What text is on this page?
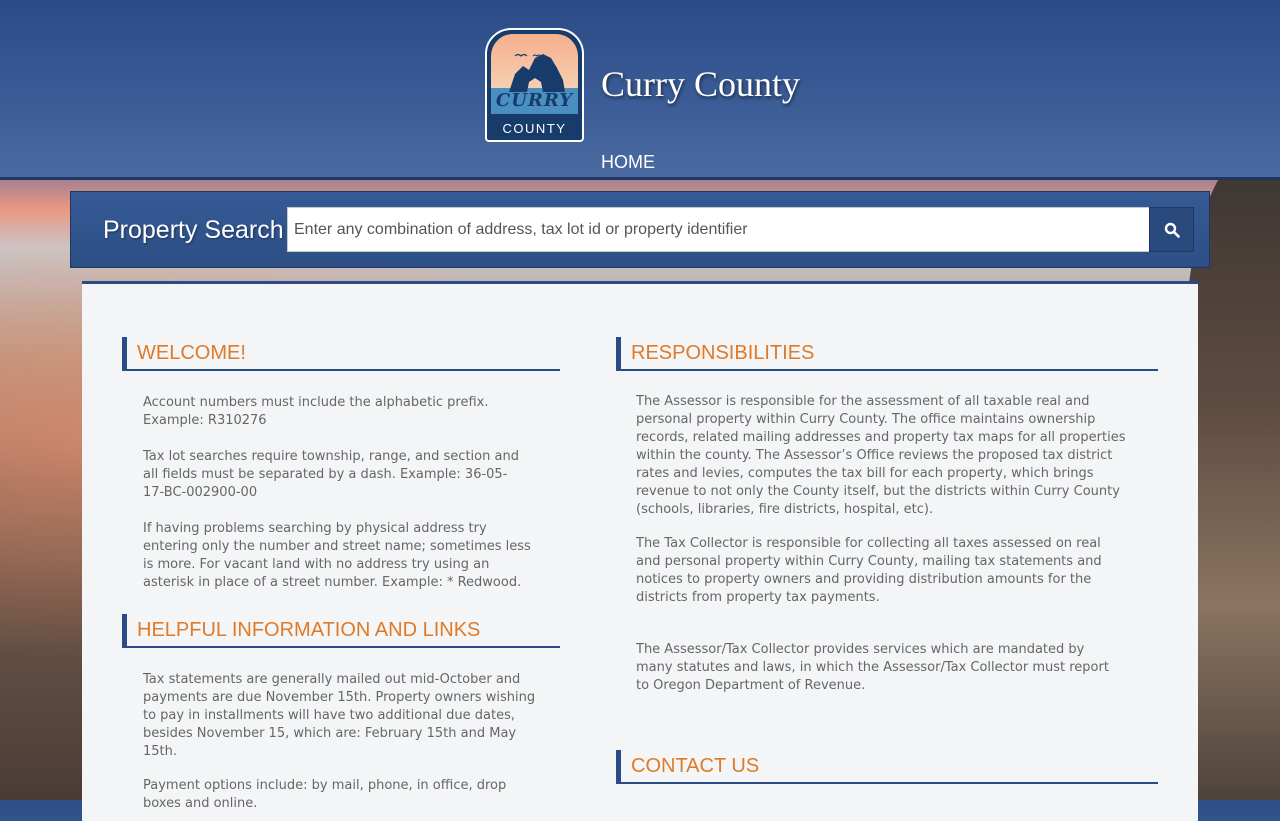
CURRY
COUNTY
Curry County
HOME
Property Search
Enter any combination of address, tax lot id or property identifier
WELCOME!

Account numbers must include the alphabetic prefix. Example: R310276

Tax lot searches require township, range, and section and all fields must be separated by a dash. Example: 36-05-17-BC-002900-00

If having problems searching by physical address try entering only the number and street name; sometimes less is more. For vacant land with no address try using an asterisk in place of a street number. Example: * Redwood.

HELPFUL INFORMATION AND LINKS

Tax statements are generally mailed out mid-October and payments are due November 15th. Property owners wishing to pay in installments will have two additional due dates, besides November 15, which are: February 15th and May 15th.

Payment options include: by mail, phone, in office, drop boxes and online.

RESPONSIBILITIES

The Assessor is responsible for the assessment of all taxable real and personal property within Curry County. The office maintains ownership records, related mailing addresses and property tax maps for all properties within the county. The Assessor’s Office reviews the proposed tax district rates and levies, computes the tax bill for each property, which brings revenue to not only the County itself, but the districts within Curry County (schools, libraries, fire districts, hospital, etc).

The Tax Collector is responsible for collecting all taxes assessed on real and personal property within Curry County, mailing tax statements and notices to property owners and providing distribution amounts for the districts from property tax payments.

The Assessor/Tax Collector provides services which are mandated by many statutes and laws, in which the Assessor/Tax Collector must report to Oregon Department of Revenue.

CONTACT US
